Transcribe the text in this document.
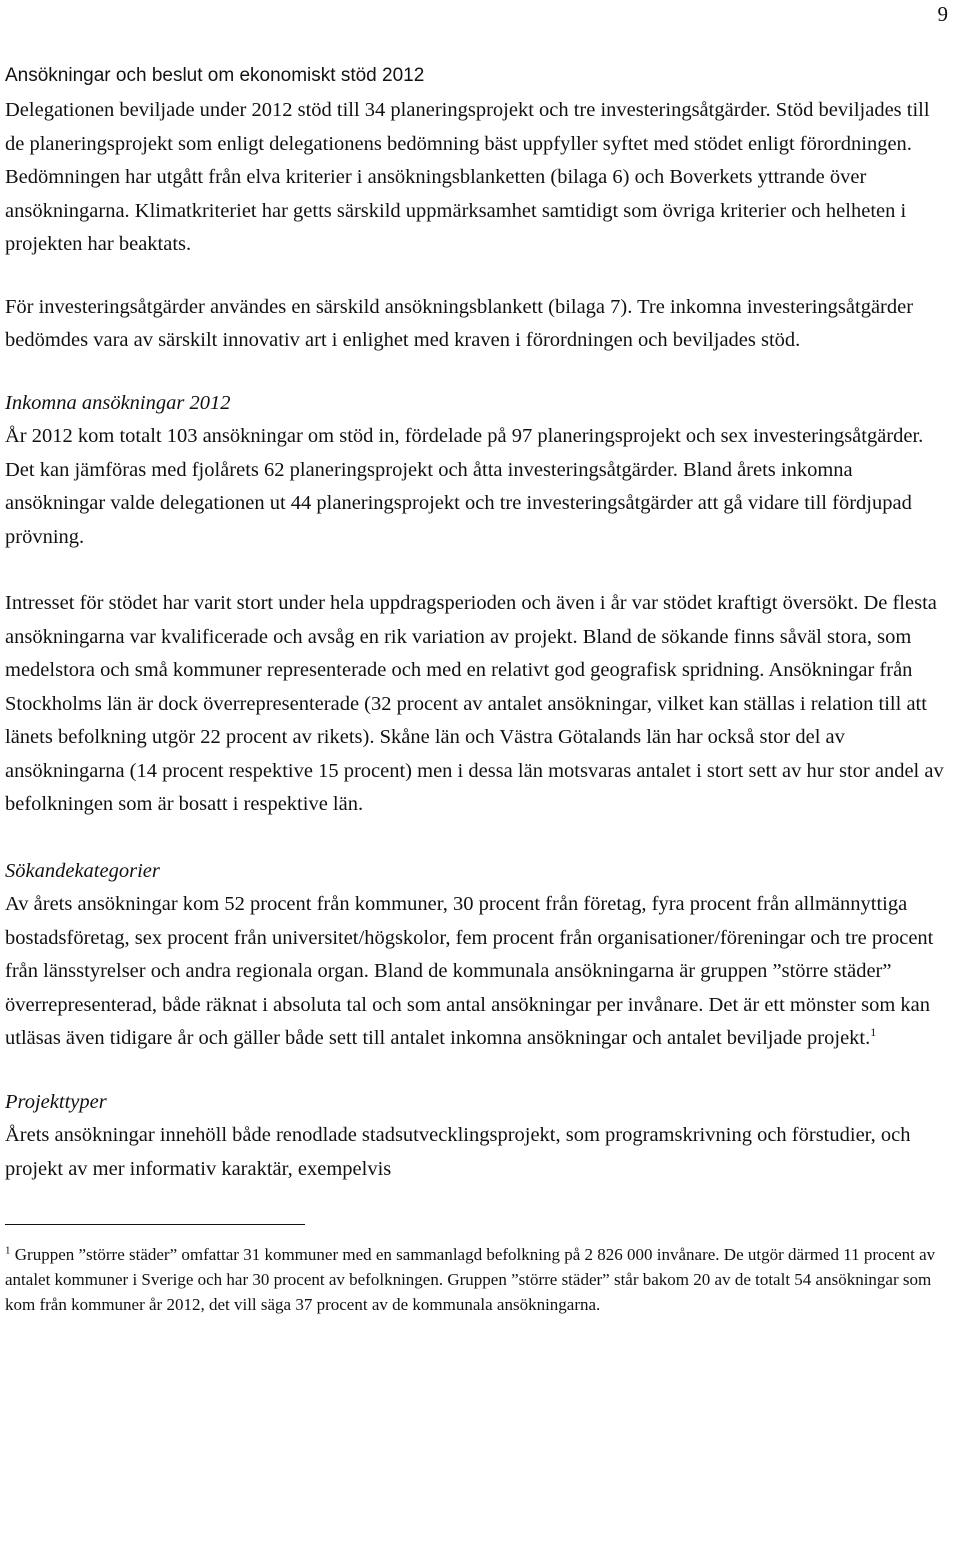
9
Ansökningar och beslut om ekonomiskt stöd 2012

Delegationen beviljade under 2012 stöd till 34 planeringsprojekt och tre investeringsåtgärder. Stöd beviljades till de planeringsprojekt som enligt delegationens bedömning bäst uppfyller syftet med stödet enligt förordningen. Bedömningen har utgått från elva kriterier i ansökningsblanketten (bilaga 6) och Boverkets yttrande över ansökningarna. Klimatkriteriet har getts särskild uppmärksamhet samtidigt som övriga kriterier och helheten i projekten har beaktats.

För investeringsåtgärder användes en särskild ansökningsblankett (bilaga 7). Tre inkomna investeringsåtgärder bedömdes vara av särskilt innovativ art i enlighet med kraven i förordningen och beviljades stöd.

Inkomna ansökningar 2012

År 2012 kom totalt 103 ansökningar om stöd in, fördelade på 97 planeringsprojekt och sex investeringsåtgärder. Det kan jämföras med fjolårets 62 planeringsprojekt och åtta investeringsåtgärder. Bland årets inkomna ansökningar valde delegationen ut 44 planeringsprojekt och tre investeringsåtgärder att gå vidare till fördjupad prövning.

Intresset för stödet har varit stort under hela uppdragsperioden och även i år var stödet kraftigt översökt. De flesta ansökningarna var kvalificerade och avsåg en rik variation av projekt. Bland de sökande finns såväl stora, som medelstora och små kommuner representerade och med en relativt god geografisk spridning. Ansökningar från Stockholms län är dock överrepresenterade (32 procent av antalet ansökningar, vilket kan ställas i relation till att länets befolkning utgör 22 procent av rikets). Skåne län och Västra Götalands län har också stor del av ansökningarna (14 procent respektive 15 procent) men i dessa län motsvaras antalet i stort sett av hur stor andel av befolkningen som är bosatt i respektive län.

Sökandekategorier

Av årets ansökningar kom 52 procent från kommuner, 30 procent från företag, fyra procent från allmännyttiga bostadsföretag, sex procent från universitet/högskolor, fem procent från organisationer/föreningar och tre procent från länsstyrelser och andra regionala organ. Bland de kommunala ansökningarna är gruppen ”större städer” överrepresenterad, både räknat i absoluta tal och som antal ansökningar per invånare. Det är ett mönster som kan utläsas även tidigare år och gäller både sett till antalet inkomna ansökningar och antalet beviljade projekt.$^1$

Projekttyper

Årets ansökningar innehöll både renodlade stadsutvecklingsprojekt, som programskrivning och förstudier, och projekt av mer informativ karaktär, exempelvis

$^1$ Gruppen ”större städer” omfattar 31 kommuner med en sammanlagd befolkning på 2 826 000 invånare. De utgör därmed 11 procent av antalet kommuner i Sverige och har 30 procent av befolkningen. Gruppen ”större städer” står bakom 20 av de totalt 54 ansökningar som kom från kommuner år 2012, det vill säga 37 procent av de kommunala ansökningarna.
